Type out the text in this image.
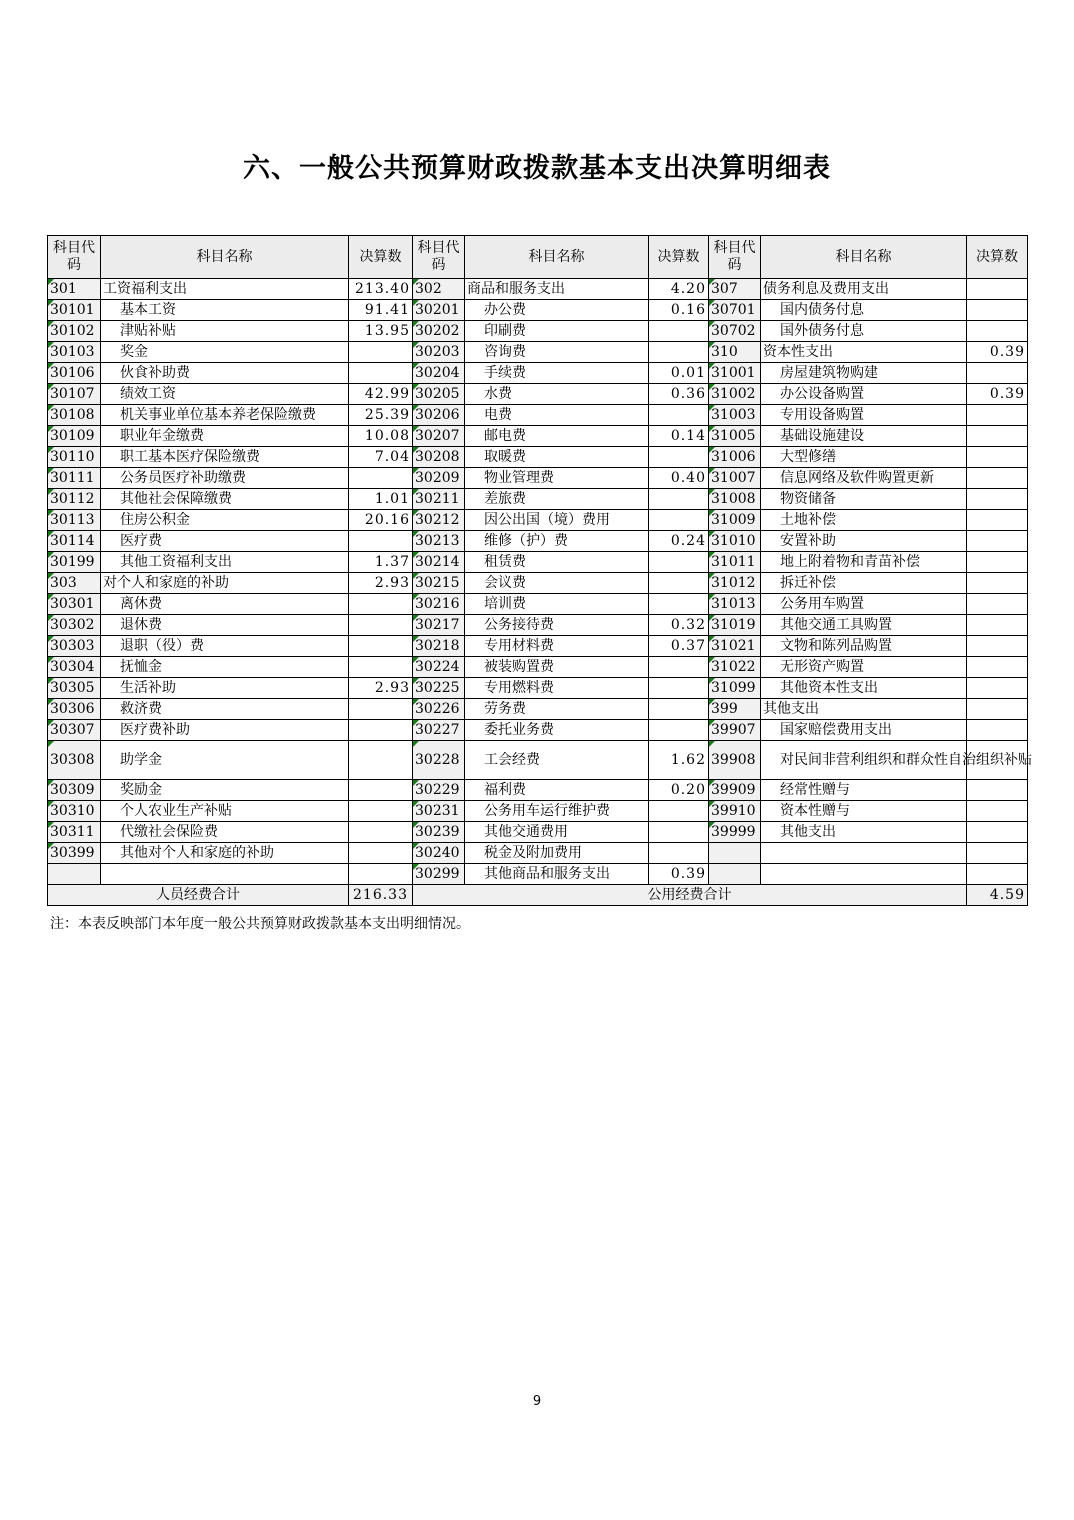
六、一般公共预算财政拨款基本支出决算明细表
科目代码	科目名称	决算数	科目代码	科目名称	决算数	科目代码	科目名称	决算数
301	工资福利支出	213.40	302	商品和服务支出	4.20	307	债务利息及费用支出	
30101	基本工资	91.41	30201	办公费	0.16	30701	国内债务付息	
30102	津贴补贴	13.95	30202	印刷费		30702	国外债务付息	
30103	奖金		30203	咨询费		310	资本性支出	0.39
30106	伙食补助费		30204	手续费	0.01	31001	房屋建筑物购建	
30107	绩效工资	42.99	30205	水费	0.36	31002	办公设备购置	0.39
30108	机关事业单位基本养老保险缴费	25.39	30206	电费		31003	专用设备购置	
30109	职业年金缴费	10.08	30207	邮电费	0.14	31005	基础设施建设	
30110	职工基本医疗保险缴费	7.04	30208	取暖费		31006	大型修缮	
30111	公务员医疗补助缴费		30209	物业管理费	0.40	31007	信息网络及软件购置更新	
30112	其他社会保障缴费	1.01	30211	差旅费		31008	物资储备	
30113	住房公积金	20.16	30212	因公出国（境）费用		31009	土地补偿	
30114	医疗费		30213	维修（护）费	0.24	31010	安置补助	
30199	其他工资福利支出	1.37	30214	租赁费		31011	地上附着物和青苗补偿	
303	对个人和家庭的补助	2.93	30215	会议费		31012	拆迁补偿	
30301	离休费		30216	培训费		31013	公务用车购置	
30302	退休费		30217	公务接待费	0.32	31019	其他交通工具购置	
30303	退职（役）费		30218	专用材料费	0.37	31021	文物和陈列品购置	
30304	抚恤金		30224	被装购置费		31022	无形资产购置	
30305	生活补助	2.93	30225	专用燃料费		31099	其他资本性支出	
30306	救济费		30226	劳务费		399	其他支出	
30307	医疗费补助		30227	委托业务费		39907	国家赔偿费用支出	
30308	助学金		30228	工会经费	1.62	39908	对民间非营利组织和群众性自治组织补贴	
30309	奖励金		30229	福利费	0.20	39909	经常性赠与	
30310	个人农业生产补贴		30231	公务用车运行维护费		39910	资本性赠与	
30311	代缴社会保险费		30239	其他交通费用		39999	其他支出	
30399	其他对个人和家庭的补助		30240	税金及附加费用				
			30299	其他商品和服务支出	0.39			
人员经费合计		216.33	公用经费合计					4.59
注：本表反映部门本年度一般公共预算财政拨款基本支出明细情况。
9
